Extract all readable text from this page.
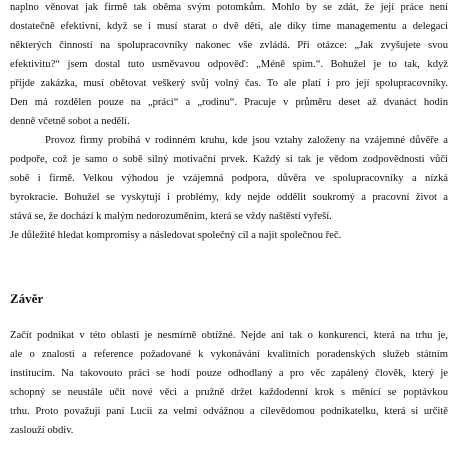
naplno věnovat jak firmě tak oběma svým potomkům. Mohlo by se zdát, že její práce není
dostatečně efektivní, když se i musí starat o dvě děti, ale díky time managementu a delegaci
některých činností na spolupracovníky nakonec vše zvládá. Při otázce: „Jak zvyšujete svou
efektivitu?“ jsem dostal tuto usměvavou odpověď: „Méně spím.“. Bohužel je to tak, když
přijde zakázka, musí obětovat veškerý svůj volný čas. To ale platí i pro její spolupracovníky.
Den má rozdělen pouze na „práci“ a „rodinu“. Pracuje v průměru deset až dvanáct hodin
denně včetně sobot a nedělí.
Provoz firmy probíhá v rodinném kruhu, kde jsou vztahy založeny na vzájemné důvěře a
podpoře, což je samo o sobě silný motivační prvek. Každý si tak je vědom zodpovědnosti vůči
sobě i firmě. Velkou výhodou je vzájemná podpora, důvěra ve spolupracovníky a nízká
byrokracie. Bohužel se vyskytují i problémy, kdy nejde oddělit soukromý a pracovní život a
stává se, že dochází k malým nedorozuměním, která se vždy naštěstí vyřeší.
Je důležité hledat kompromisy a následovat společný cíl a najít společnou řeč.
Závěr
Začít podnikat v této oblasti je nesmírně obtížné. Nejde ani tak o konkurenci, která na trhu je,
ale o znalosti a reference požadované k vykonávání kvalitních poradenských služeb státním
institucím. Na takovouto práci se hodí pouze odhodlaný a pro věc zapálený člověk, který je
schopný se neustále učit nové věci a pružně držet každodenní krok s měnící se poptávkou
trhu. Proto považuji paní Lucii za velmi odvážnou a cílevědomou podnikatelku, která si určitě
zaslouží obdiv.
